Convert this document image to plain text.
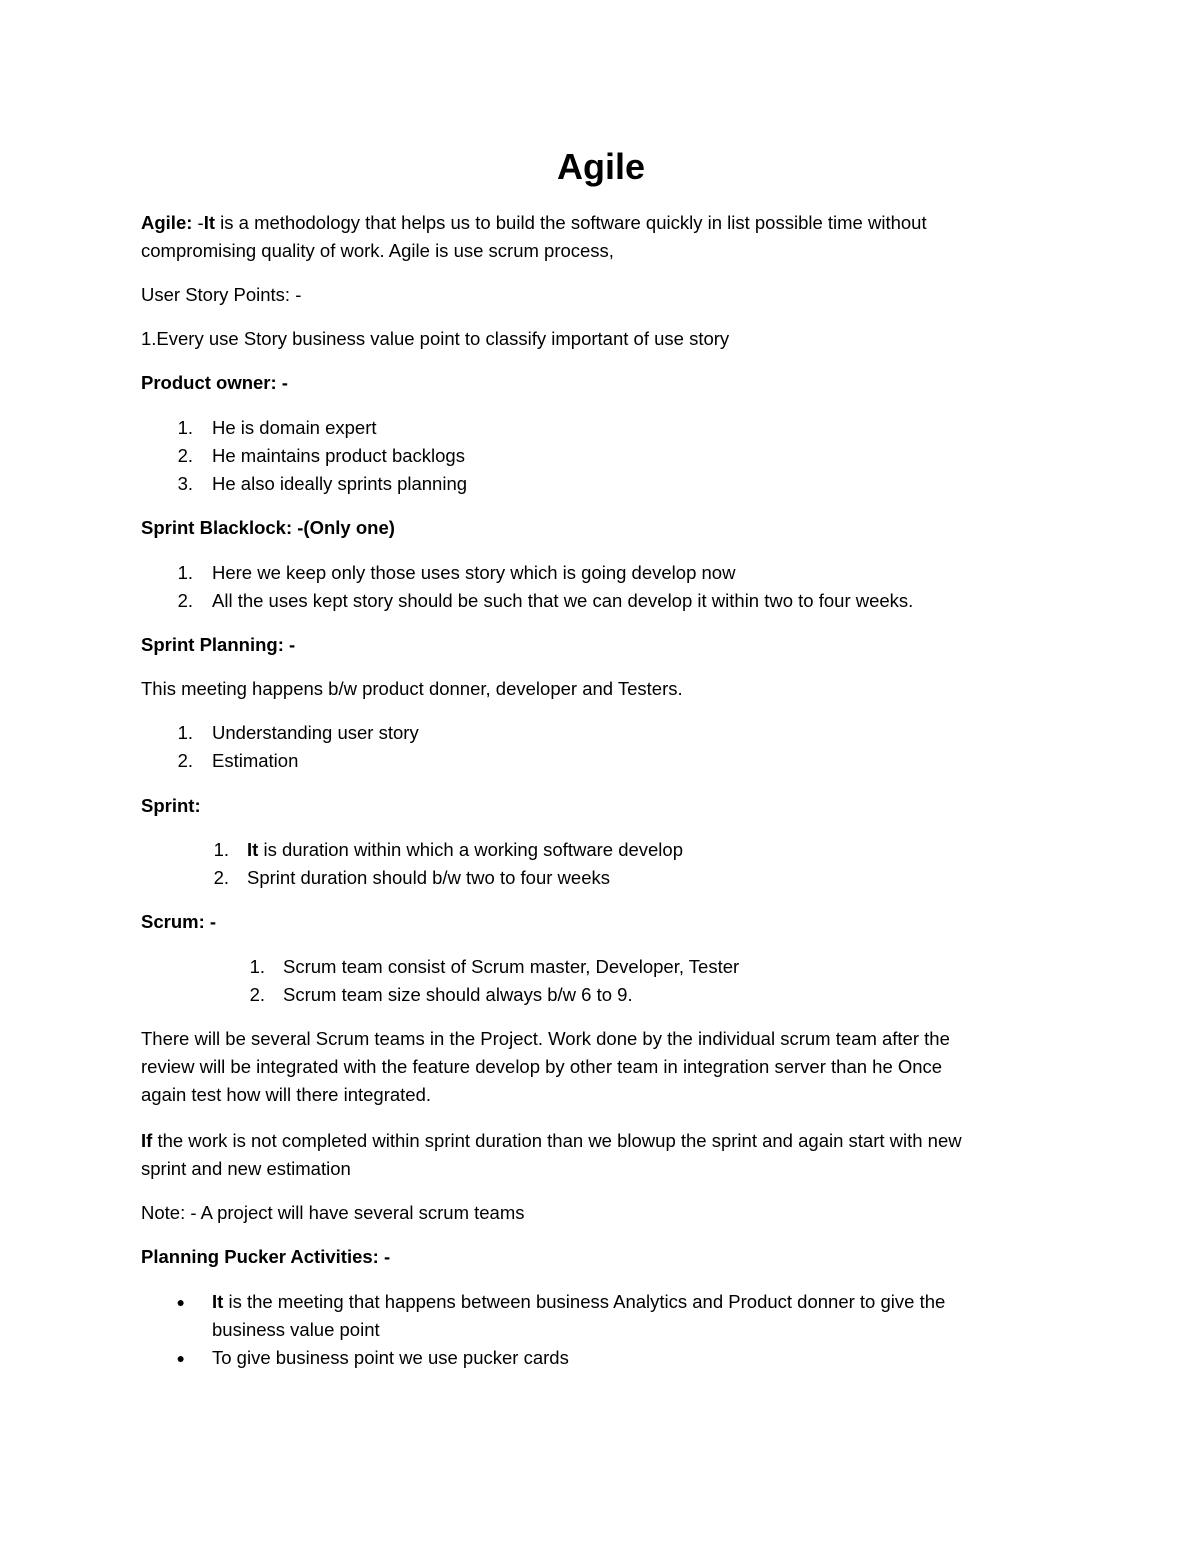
Agile

Agile: -It is a methodology that helps us to build the software quickly in list possible time without
compromising quality of work. Agile is use scrum process,

User Story Points: -

1.Every use Story business value point to classify important of use story

Product owner: -

1. He is domain expert
2. He maintains product backlogs
3. He also ideally sprints planning

Sprint Blacklock: -(Only one)

1. Here we keep only those uses story which is going develop now
2. All the uses kept story should be such that we can develop it within two to four weeks.

Sprint Planning: -

This meeting happens b/w product donner, developer and Testers.

1. Understanding user story
2. Estimation

Sprint:

1. It is duration within which a working software develop
2. Sprint duration should b/w two to four weeks

Scrum: -

1. Scrum team consist of Scrum master, Developer, Tester
2. Scrum team size should always b/w 6 to 9.

There will be several Scrum teams in the Project. Work done by the individual scrum team after the
review will be integrated with the feature develop by other team in integration server than he Once
again test how will there integrated.

If the work is not completed within sprint duration than we blowup the sprint and again start with new
sprint and new estimation

Note: - A project will have several scrum teams

Planning Pucker Activities: -

● It is the meeting that happens between business Analytics and Product donner to give the
business value point
● To give business point we use pucker cards
